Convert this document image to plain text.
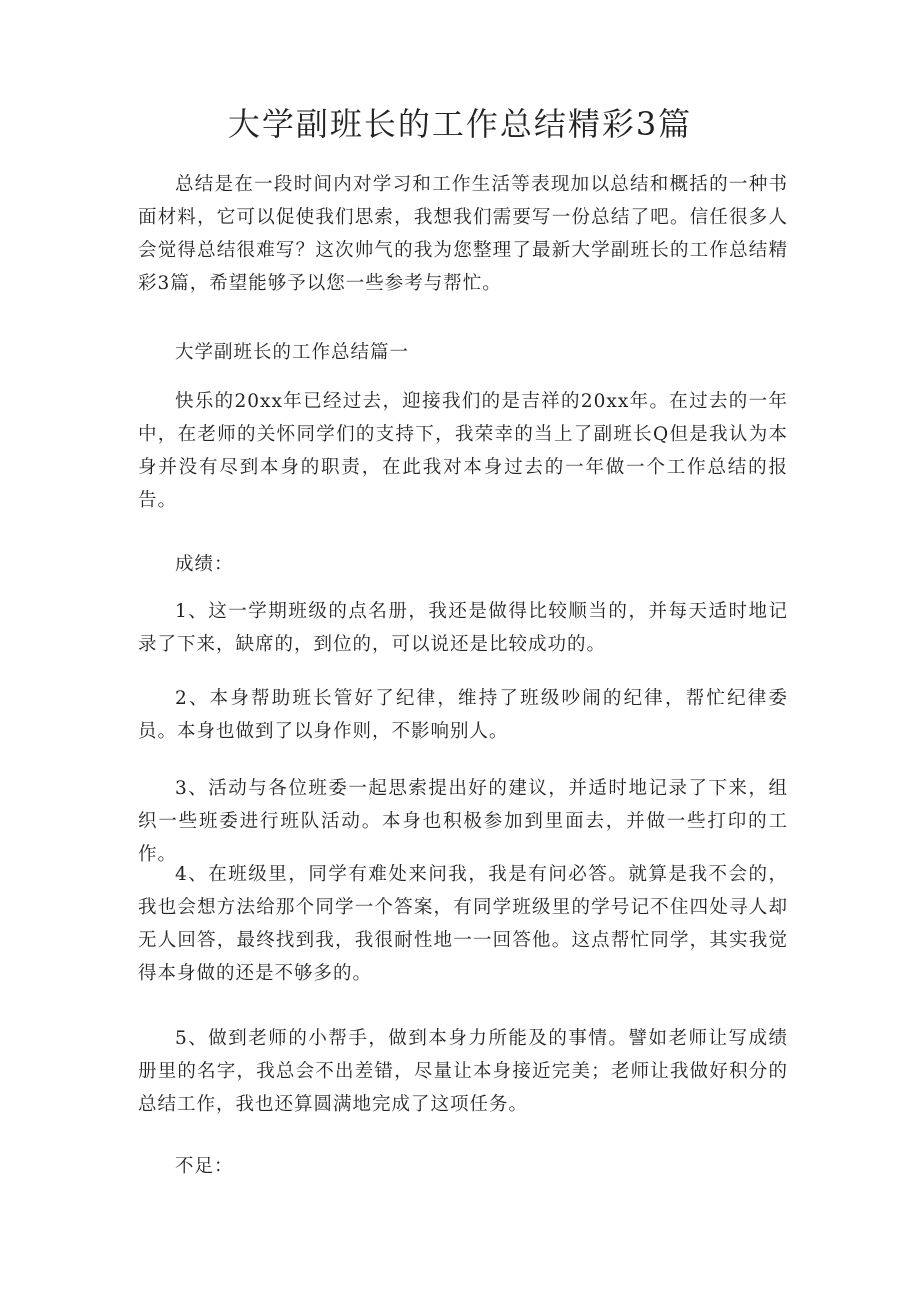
大学副班长的工作总结精彩3篇

总结是在一段时间内对学习和工作生活等表现加以总结和概括的一种书面材料，它可以促使我们思索，我想我们需要写一份总结了吧。信任很多人会觉得总结很难写？这次帅气的我为您整理了最新大学副班长的工作总结精彩3篇，希望能够予以您一些参考与帮忙。

大学副班长的工作总结篇一

快乐的20xx年已经过去，迎接我们的是吉祥的20xx年。在过去的一年中，在老师的关怀同学们的支持下，我荣幸的当上了副班长Q但是我认为本身并没有尽到本身的职责，在此我对本身过去的一年做一个工作总结的报告。

成绩：

1、这一学期班级的点名册，我还是做得比较顺当的，并每天适时地记录了下来，缺席的，到位的，可以说还是比较成功的。

2、本身帮助班长管好了纪律，维持了班级吵闹的纪律，帮忙纪律委员。本身也做到了以身作则，不影响别人。

3、活动与各位班委一起思索提出好的建议，并适时地记录了下来，组织一些班委进行班队活动。本身也积极参加到里面去，并做一些打印的工作。

4、在班级里，同学有难处来问我，我是有问必答。就算是我不会的，我也会想方法给那个同学一个答案，有同学班级里的学号记不住四处寻人却无人回答，最终找到我，我很耐性地一一回答他。这点帮忙同学，其实我觉得本身做的还是不够多的。

5、做到老师的小帮手，做到本身力所能及的事情。譬如老师让写成绩册里的名字，我总会不出差错，尽量让本身接近完美；老师让我做好积分的总结工作，我也还算圆满地完成了这项任务。

不足：
